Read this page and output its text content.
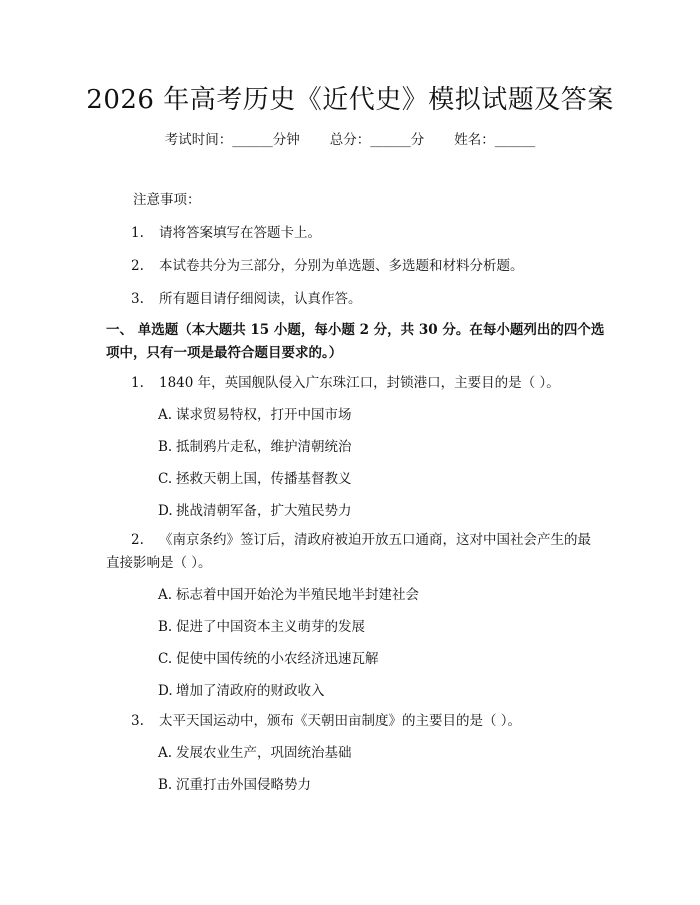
2026 年高考历史《近代史》模拟试题及答案
考试时间：______分钟 总分：______分 姓名：______
注意事项：
1. 请将答案填写在答题卡上。
2. 本试卷共分为三部分，分别为单选题、多选题和材料分析题。
3. 所有题目请仔细阅读，认真作答。
一、 单选题（本大题共 15 小题，每小题 2 分，共 30 分。在每小题列出的四个选
项中，只有一项是最符合题目要求的。）
1. 1840 年，英国舰队侵入广东珠江口，封锁港口，主要目的是（ ）。
A. 谋求贸易特权，打开中国市场
B. 抵制鸦片走私，维护清朝统治
C. 拯救天朝上国，传播基督教义
D. 挑战清朝军备，扩大殖民势力
2. 《南京条约》签订后，清政府被迫开放五口通商，这对中国社会产生的最
直接影响是（ ）。
A. 标志着中国开始沦为半殖民地半封建社会
B. 促进了中国资本主义萌芽的发展
C. 促使中国传统的小农经济迅速瓦解
D. 增加了清政府的财政收入
3. 太平天国运动中，颁布《天朝田亩制度》的主要目的是（ ）。
A. 发展农业生产，巩固统治基础
B. 沉重打击外国侵略势力
